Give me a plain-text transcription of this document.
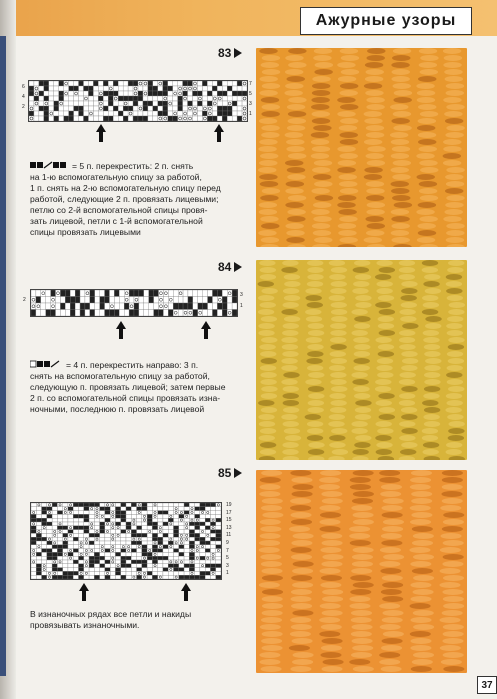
Ажурные узоры
83
6
4
2
7
5
3
1

= 5 п. перекрестить: 2 п. снять
на 1-ю вспомогательную спицу за работой,
1 п. снять на 2-ю вспомогательную спицу перед
работой, следующие 2 п. провязать лицевыми;
петлю со 2-й вспомогательной спицы провя-
зать лицевой, петли с 1-й вспомогательной
спицы провязать лицевыми

84
2
3
1

= 4 п. перекрестить направо: 3 п.
снять на вспомогательную спицу за работой,
следующую п. провязать лицевой; затем первые
2 п. со вспомогательной спицы провязать изна-
ночными, последнюю п. провязать лицевой

85
19
17
15
13
11
9
7
5
3
1
В изнаночных рядах все петли и накиды
провязывать изнаночными.
37
